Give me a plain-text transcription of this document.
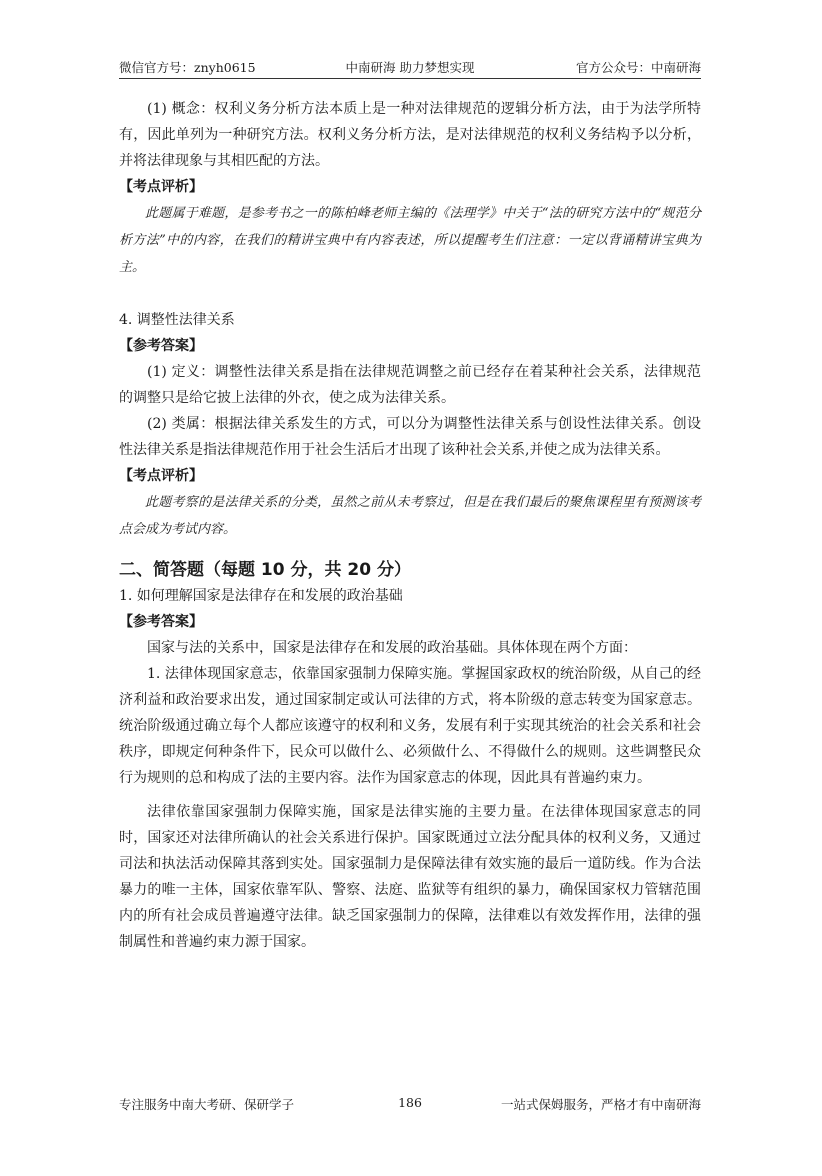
微信官方号：znyh0615	中南研海 助力梦想实现	官方公众号：中南研海

(1) 概念：权利义务分析方法本质上是一种对法律规范的逻辑分析方法，由于为法学所特有，因此单列为一种研究方法。权利义务分析方法，是对法律规范的权利义务结构予以分析，并将法律现象与其相匹配的方法。

【考点评析】

此题属于难题，是参考书之一的陈柏峰老师主编的《法理学》中关于“法的研究方法中的“规范分析方法”中的内容，在我们的精讲宝典中有内容表述，所以提醒考生们注意：一定以背诵精讲宝典为主。

4. 调整性法律关系

【参考答案】

(1) 定义：调整性法律关系是指在法律规范调整之前已经存在着某种社会关系，法律规范的调整只是给它披上法律的外衣，使之成为法律关系。

(2) 类属：根据法律关系发生的方式，可以分为调整性法律关系与创设性法律关系。创设性法律关系是指法律规范作用于社会生活后才出现了该种社会关系,并使之成为法律关系。

【考点评析】

此题考察的是法律关系的分类，虽然之前从未考察过，但是在我们最后的聚焦课程里有预测该考点会成为考试内容。

二、简答题（每题 10 分，共 20 分）

1. 如何理解国家是法律存在和发展的政治基础

【参考答案】

国家与法的关系中，国家是法律存在和发展的政治基础。具体体现在两个方面：

1. 法律体现国家意志，依靠国家强制力保障实施。掌握国家政权的统治阶级，从自己的经济利益和政治要求出发，通过国家制定或认可法律的方式，将本阶级的意志转变为国家意志。统治阶级通过确立每个人都应该遵守的权利和义务，发展有利于实现其统治的社会关系和社会秩序，即规定何种条件下，民众可以做什么、必须做什么、不得做什么的规则。这些调整民众行为规则的总和构成了法的主要内容。法作为国家意志的体现，因此具有普遍约束力。

法律依靠国家强制力保障实施，国家是法律实施的主要力量。在法律体现国家意志的同时，国家还对法律所确认的社会关系进行保护。国家既通过立法分配具体的权利义务，又通过司法和执法活动保障其落到实处。国家强制力是保障法律有效实施的最后一道防线。作为合法暴力的唯一主体，国家依靠军队、警察、法庭、监狱等有组织的暴力，确保国家权力管辖范围内的所有社会成员普遍遵守法律。缺乏国家强制力的保障，法律难以有效发挥作用，法律的强制属性和普遍约束力源于国家。

专注服务中南大考研、保研学子	186	一站式保姆服务，严格才有中南研海
